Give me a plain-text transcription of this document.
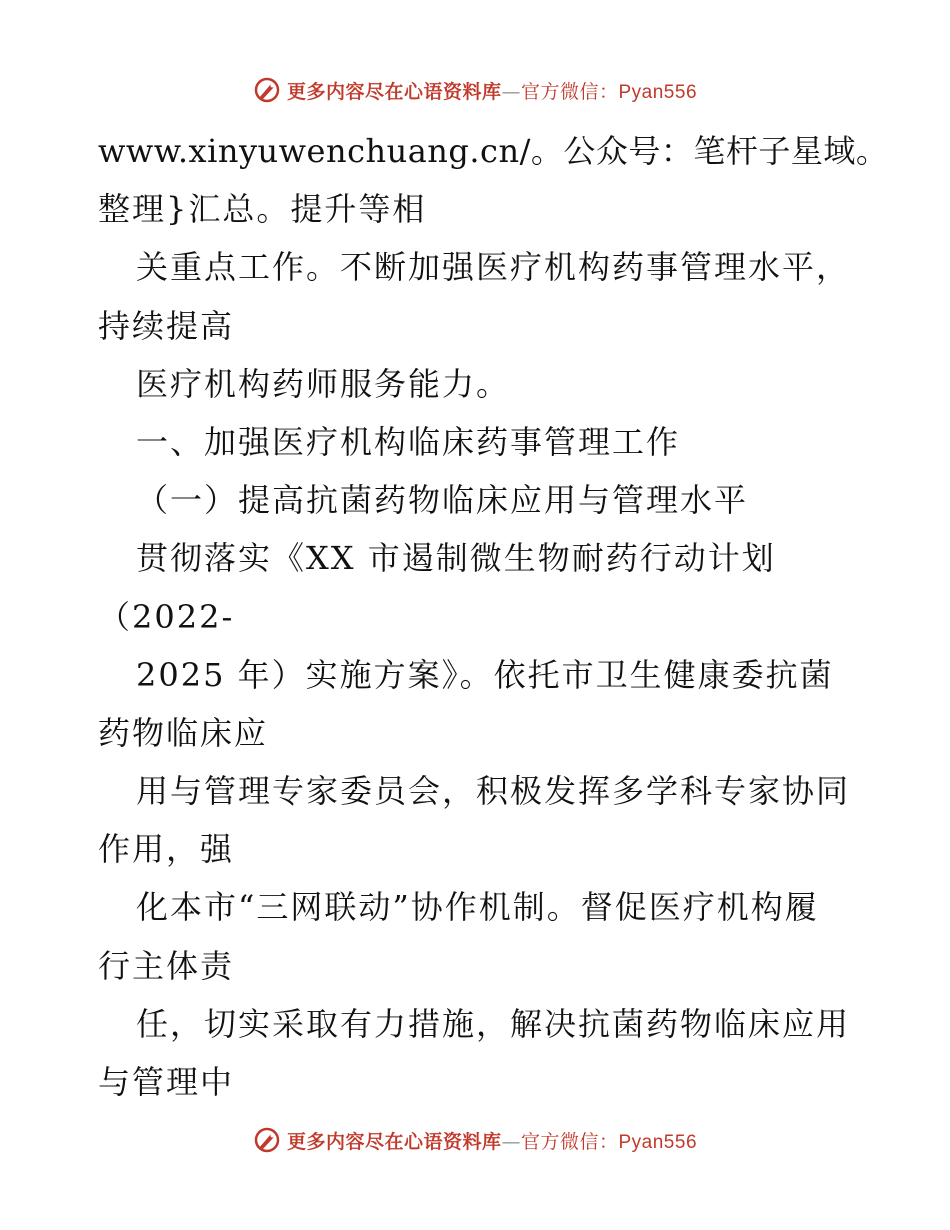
更多内容尽在心语资料库—官方微信：Pyan556
www.xinyuwenchuang.cn/。公众号：笔杆子星域。
整理}汇总。提升等相
关重点工作。不断加强医疗机构药事管理水平，
持续提高
医疗机构药师服务能力。
一、加强医疗机构临床药事管理工作
（一）提高抗菌药物临床应用与管理水平
贯彻落实《XX 市遏制微生物耐药行动计划
（2022-
2025 年）实施方案》。依托市卫生健康委抗菌
药物临床应
用与管理专家委员会，积极发挥多学科专家协同
作用，强
化本市“三网联动”协作机制。督促医疗机构履
行主体责
任，切实采取有力措施，解决抗菌药物临床应用
与管理中
更多内容尽在心语资料库—官方微信：Pyan556
